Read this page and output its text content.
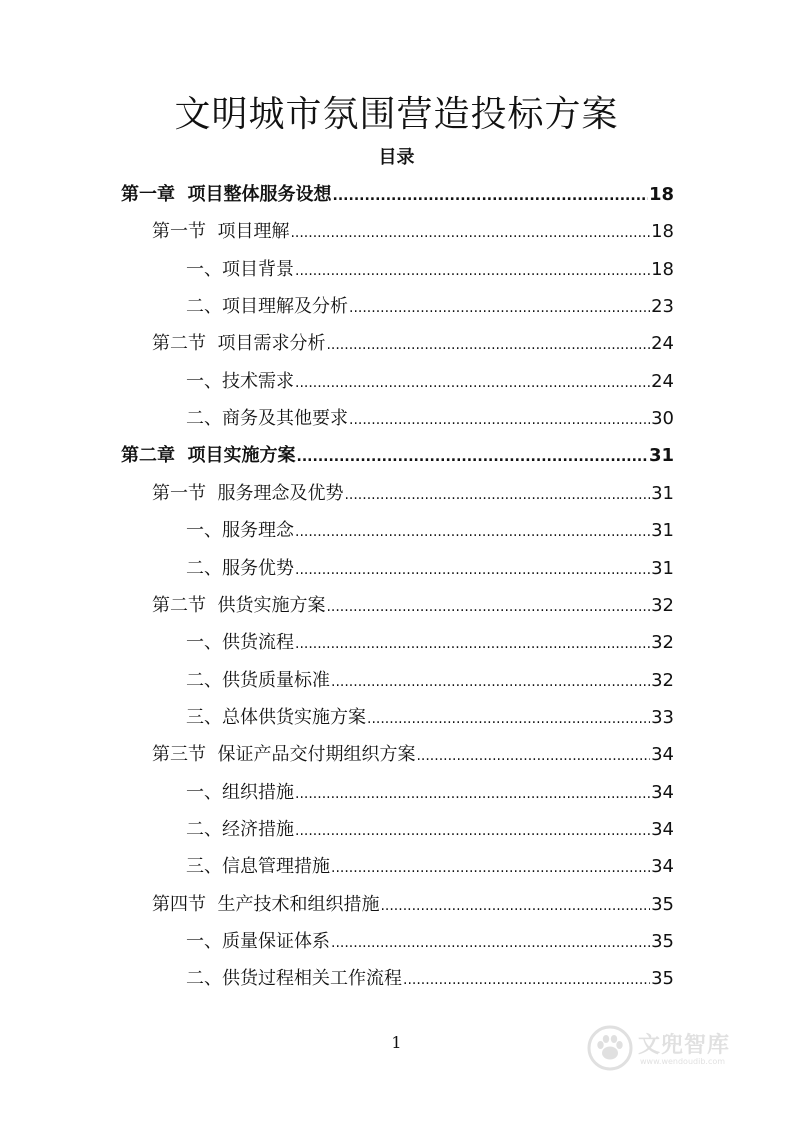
文明城市氛围营造投标方案
目录
第一章  项目整体服务设想 .....	18
第一节  项目理解 .....	18
一、项目背景 .....	18
二、项目理解及分析 .....	23
第二节  项目需求分析 .....	24
一、技术需求 .....	24
二、商务及其他要求 .....	30
第二章  项目实施方案 .....	31
第一节  服务理念及优势 .....	31
一、服务理念 .....	31
二、服务优势 .....	31
第二节  供货实施方案 .....	32
一、供货流程 .....	32
二、供货质量标准 .....	32
三、总体供货实施方案 .....	33
第三节  保证产品交付期组织方案 .....	34
一、组织措施 .....	34
二、经济措施 .....	34
三、信息管理措施 .....	34
第四节  生产技术和组织措施 .....	35
一、质量保证体系 .....	35
二、供货过程相关工作流程 .....	35
1	文兜智库
www.wendoudib.com
